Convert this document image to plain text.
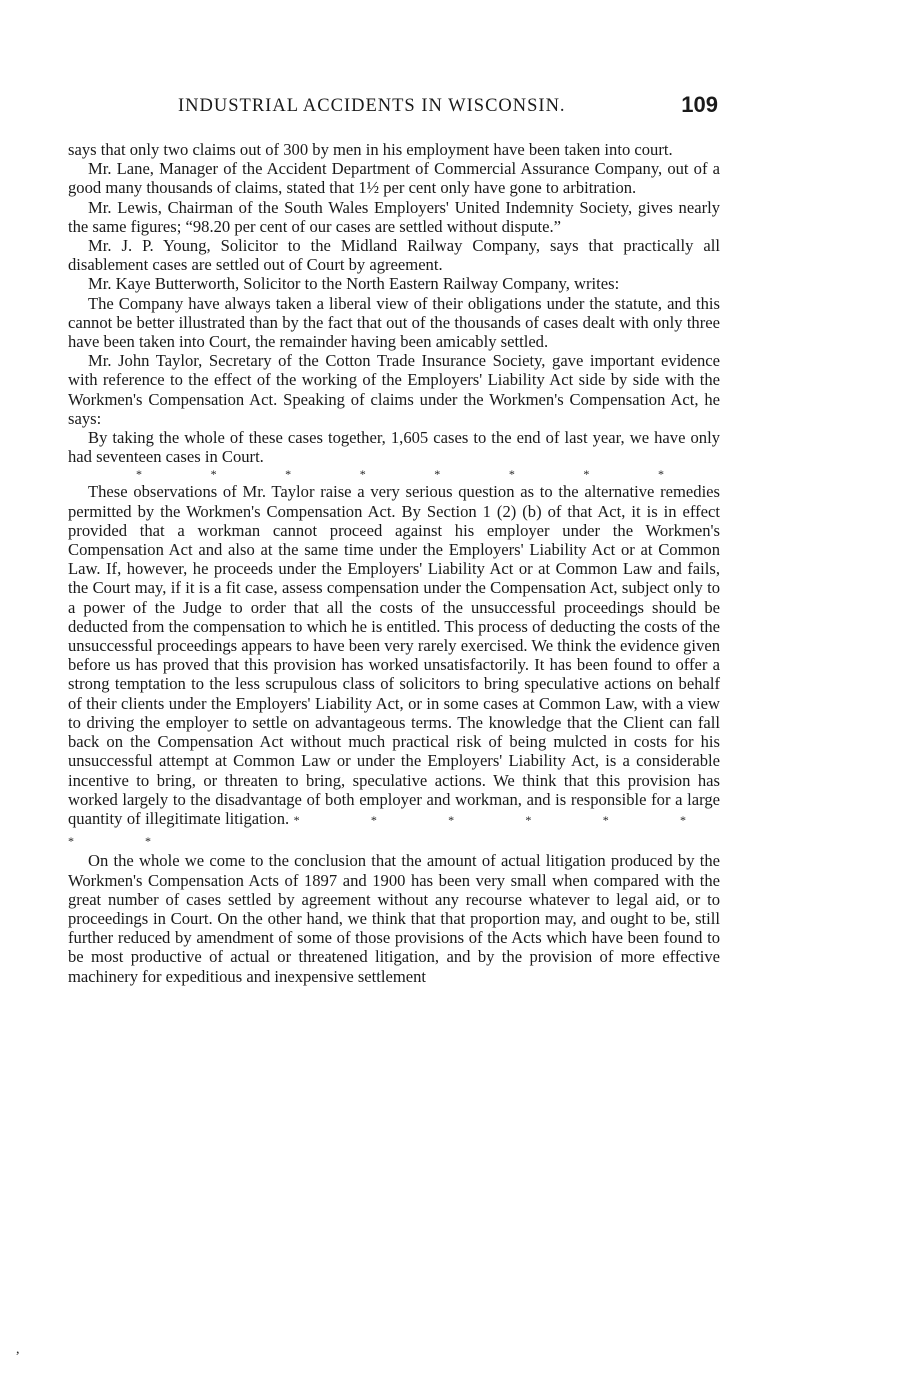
INDUSTRIAL ACCIDENTS IN WISCONSIN.	109

says that only two claims out of 300 by men in his employment have been taken into court.

Mr. Lane, Manager of the Accident Department of Commercial Assurance Company, out of a good many thousands of claims, stated that 1½ per cent only have gone to arbitration.

Mr. Lewis, Chairman of the South Wales Employers' United Indemnity Society, gives nearly the same figures; “98.20 per cent of our cases are settled without dispute.”

Mr. J. P. Young, Solicitor to the Midland Railway Company, says that practically all disablement cases are settled out of Court by agreement.

Mr. Kaye Butterworth, Solicitor to the North Eastern Railway Company, writes:

The Company have always taken a liberal view of their obligations under the statute, and this cannot be better illustrated than by the fact that out of the thousands of cases dealt with only three have been taken into Court, the remainder having been amicably settled.

Mr. John Taylor, Secretary of the Cotton Trade Insurance Society, gave important evidence with reference to the effect of the working of the Employers' Liability Act side by side with the Workmen's Compensation Act. Speaking of claims under the Workmen's Compensation Act, he says:

By taking the whole of these cases together, 1,605 cases to the end of last year, we have only had seventeen cases in Court.

*	*	*	*	*	*	*	*

These observations of Mr. Taylor raise a very serious question as to the alternative remedies permitted by the Workmen's Compensation Act. By Section 1 (2) (b) of that Act, it is in effect provided that a workman cannot proceed against his employer under the Workmen's Compensation Act and also at the same time under the Employers' Liability Act or at Common Law. If, however, he proceeds under the Employers' Liability Act or at Common Law and fails, the Court may, if it is a fit case, assess compensation under the Compensation Act, subject only to a power of the Judge to order that all the costs of the unsuccessful proceedings should be deducted from the compensation to which he is entitled. This process of deducting the costs of the unsuccessful proceedings appears to have been very rarely exercised. We think the evidence given before us has proved that this provision has worked unsatisfactorily. It has been found to offer a strong temptation to the less scrupulous class of solicitors to bring speculative actions on behalf of their clients under the Employers' Liability Act, or in some cases at Common Law, with a view to driving the employer to settle on advantageous terms. The knowledge that the Client can fall back on the Compensation Act without much practical risk of being mulcted in costs for his unsuccessful attempt at Common Law or under the Employers' Liability Act, is a considerable incentive to bring, or threaten to bring, speculative actions. We think that this provision has worked largely to the disadvantage of both employer and workman, and is responsible for a large quantity of illegitimate litigation. * * * * * * * *

On the whole we come to the conclusion that the amount of actual litigation produced by the Workmen's Compensation Acts of 1897 and 1900 has been very small when compared with the great number of cases settled by agreement without any recourse whatever to legal aid, or to proceedings in Court. On the other hand, we think that that proportion may, and ought to be, still further reduced by amendment of some of those provisions of the Acts which have been found to be most productive of actual or threatened litigation, and by the provision of more effective machinery for expeditious and inexpensive settlement

,
